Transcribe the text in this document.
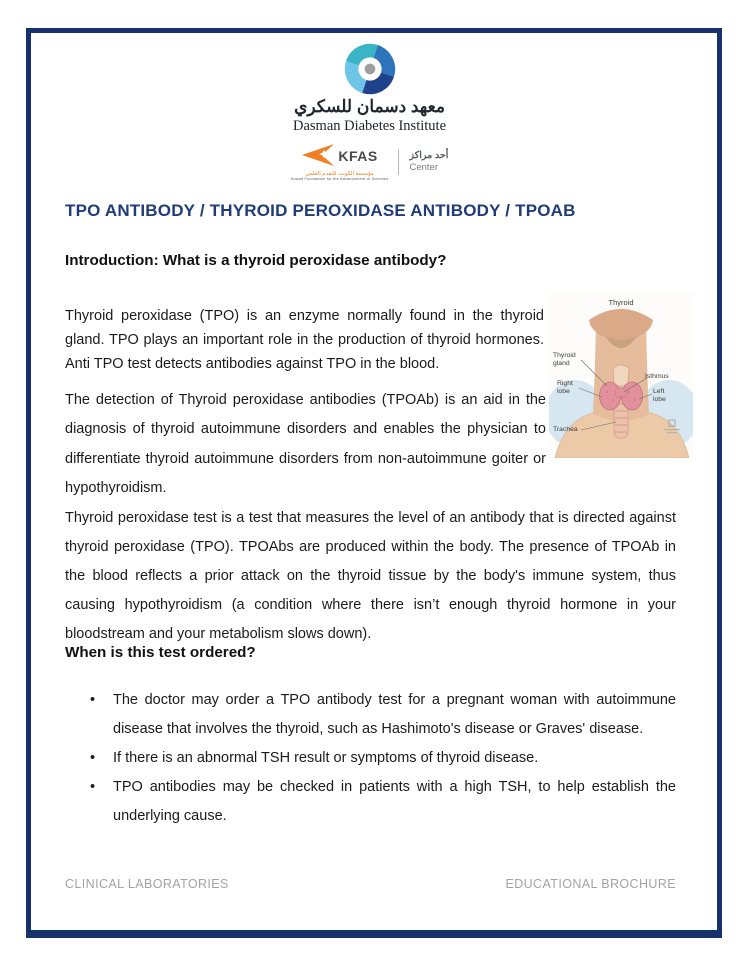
معهد دسمان للسكري
Dasman Diabetes Institute
KFAS
مؤسسة الكويت للتقدم العلمي
Kuwait Foundation for the Advancement of Sciences
أحد مراكز
Center
TPO ANTIBODY / THYROID PEROXIDASE ANTIBODY / TPOAB
Introduction: What is a thyroid peroxidase antibody?

Thyroid peroxidase (TPO) is an enzyme normally found in the thyroid gland. TPO plays an important role in the production of thyroid hormones. Anti TPO test detects antibodies against TPO in the blood.

The detection of Thyroid peroxidase antibodies (TPOAb) is an aid in the diagnosis of thyroid autoimmune disorders and enables the physician to differentiate thyroid autoimmune disorders from non-autoimmune goiter or hypothyroidism.

Thyroid
Thyroid gland
Isthmus
Right lobe	Left lobe
Trachea

Thyroid peroxidase test is a test that measures the level of an antibody that is directed against thyroid peroxidase (TPO). TPOAbs are produced within the body. The presence of TPOAb in the blood reflects a prior attack on the thyroid tissue by the body's immune system, thus causing hypothyroidism (a condition where there isn’t enough thyroid hormone in your bloodstream and your metabolism slows down).

When is this test ordered?
• The doctor may order a TPO antibody test for a pregnant woman with autoimmune disease that involves the thyroid, such as Hashimoto's disease or Graves' disease.
• If there is an abnormal TSH result or symptoms of thyroid disease.
• TPO antibodies may be checked in patients with a high TSH, to help establish the underlying cause.
CLINICAL LABORATORIES	EDUCATIONAL BROCHURE
